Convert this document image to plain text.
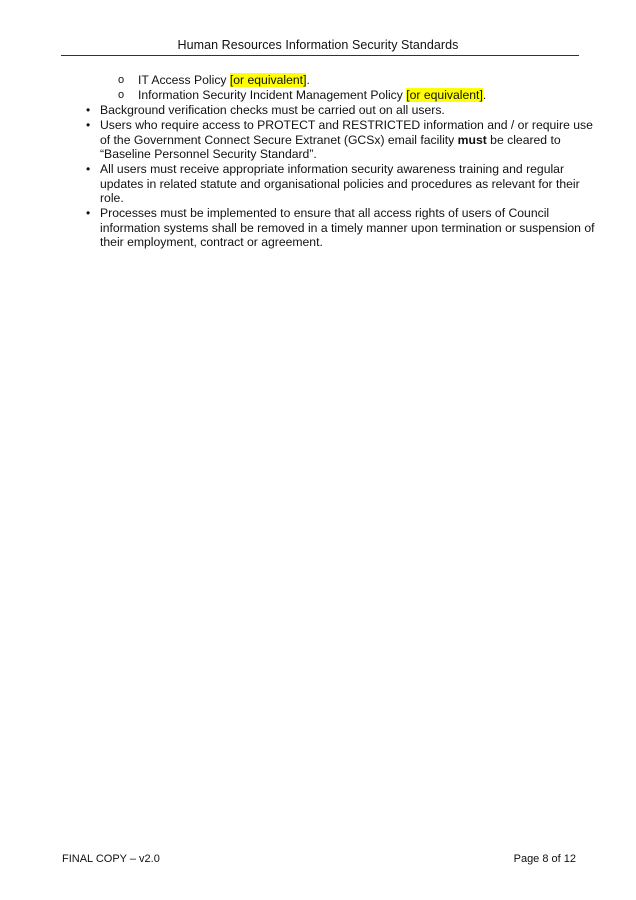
Human Resources Information Security Standards
o IT Access Policy [or equivalent].
o Information Security Incident Management Policy [or equivalent].
• Background verification checks must be carried out on all users.
• Users who require access to PROTECT and RESTRICTED information and / or require use
of the Government Connect Secure Extranet (GCSx) email facility must be cleared to
“Baseline Personnel Security Standard”.
• All users must receive appropriate information security awareness training and regular
updates in related statute and organisational policies and procedures as relevant for their
role.
• Processes must be implemented to ensure that all access rights of users of Council
information systems shall be removed in a timely manner upon termination or suspension of
their employment, contract or agreement.
FINAL COPY – v2.0	Page 8 of 12
